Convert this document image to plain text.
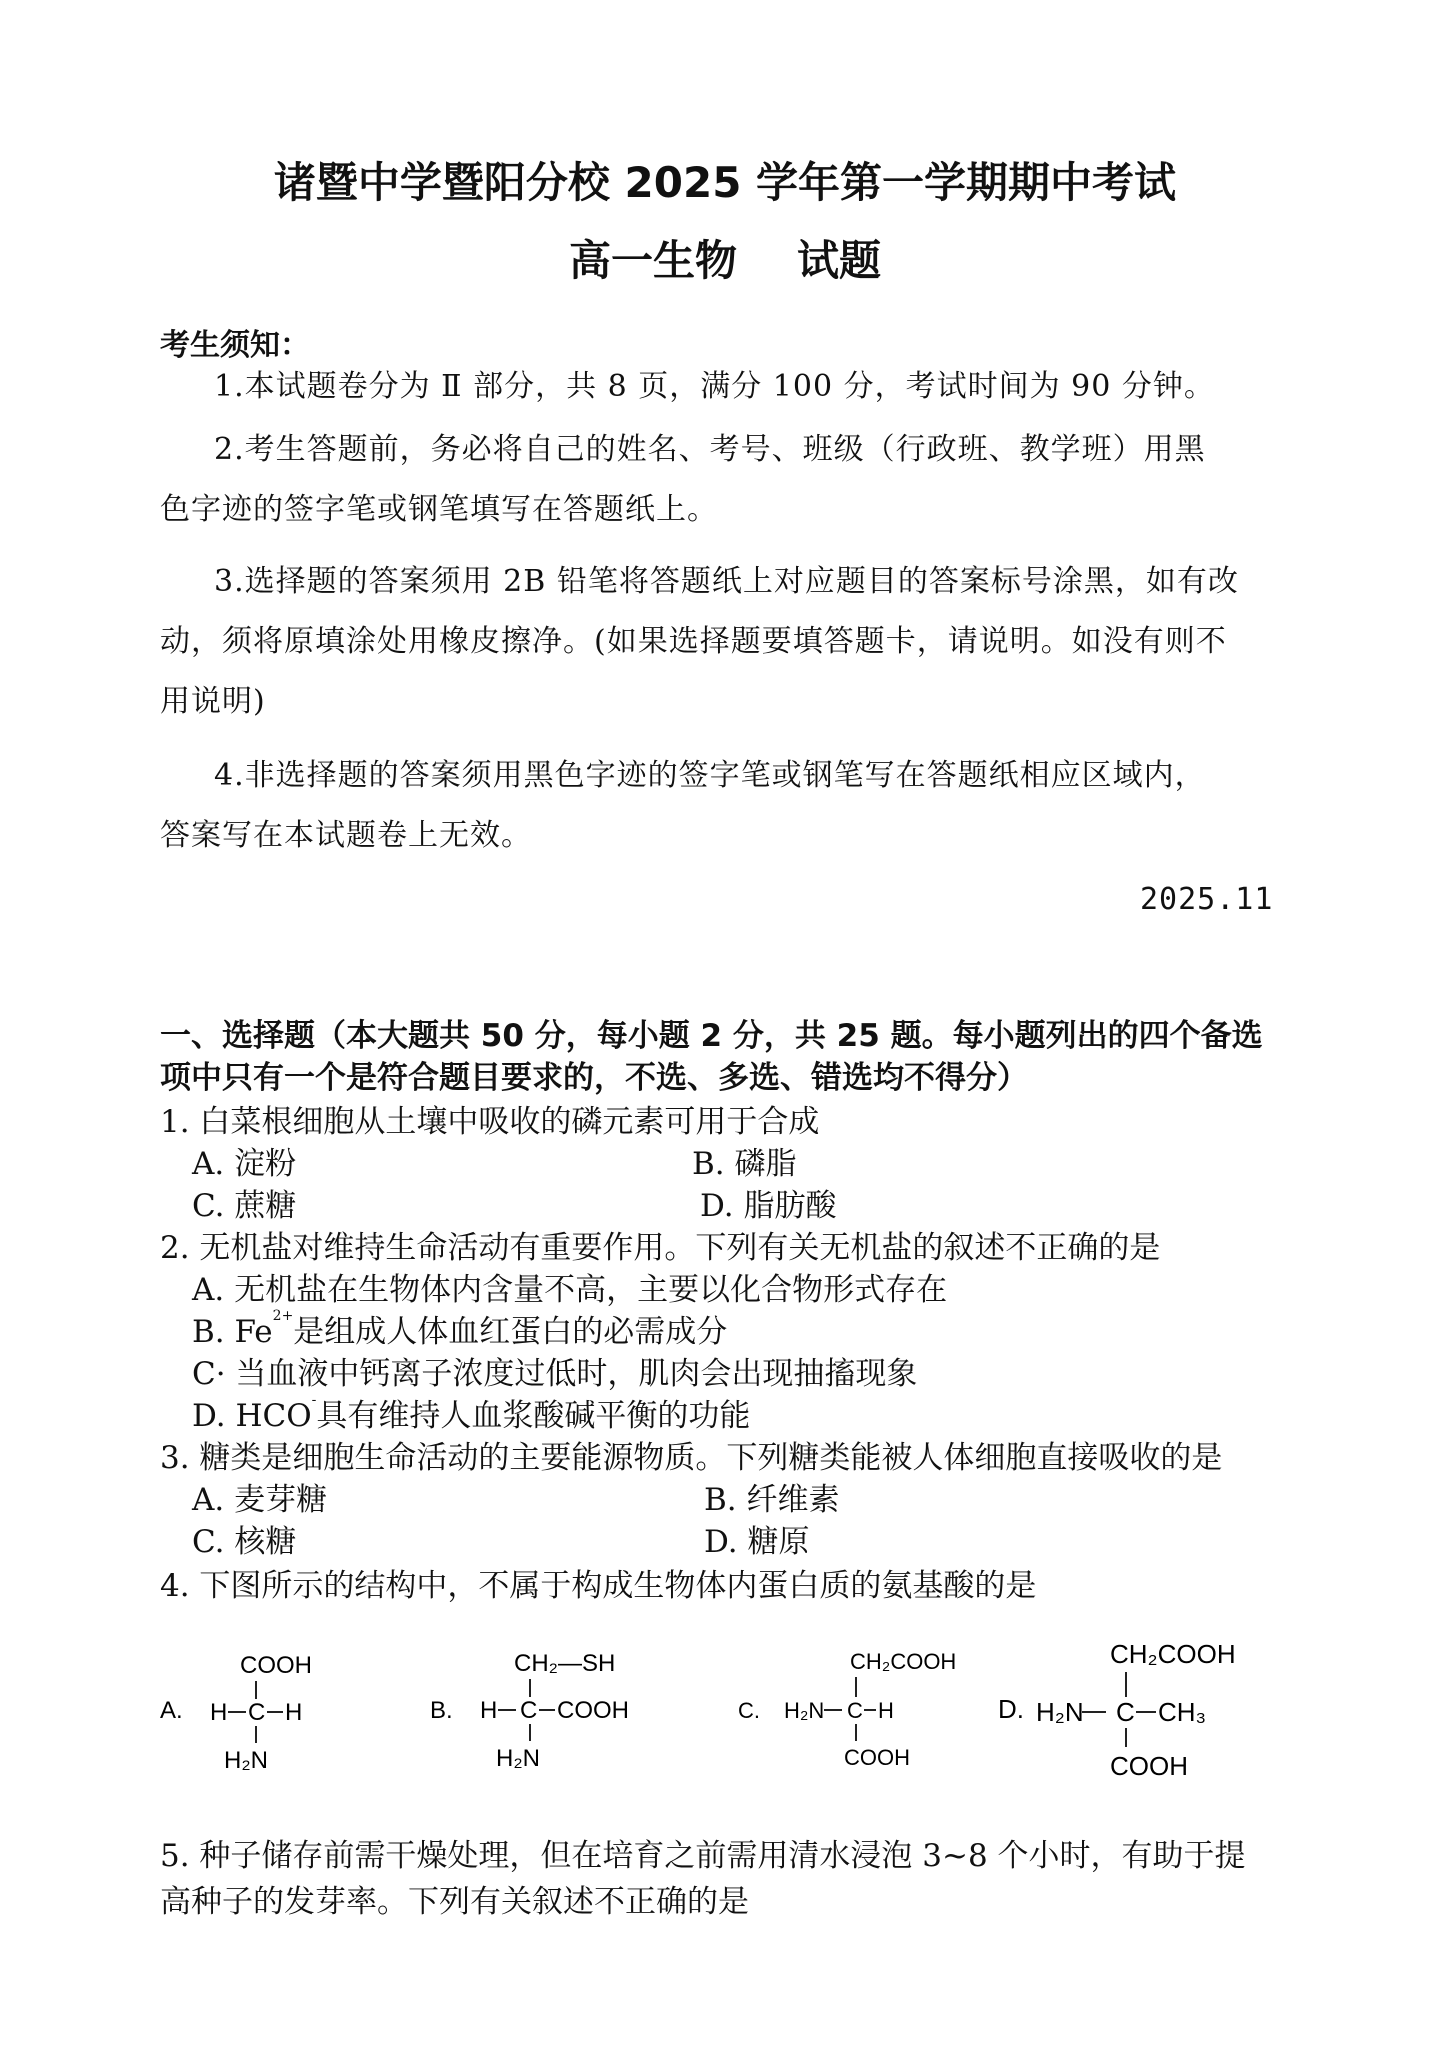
诸暨中学暨阳分校 2025 学年第一学期期中考试
高一生物 试题
考生须知：
1.本试题卷分为 Ⅱ 部分，共 8 页，满分 100 分，考试时间为 90 分钟。
2.考生答题前，务必将自己的姓名、考号、班级（行政班、教学班）用黑
色字迹的签字笔或钢笔填写在答题纸上。
3.选择题的答案须用 2B 铅笔将答题纸上对应题目的答案标号涂黑，如有改
动，须将原填涂处用橡皮擦净。(如果选择题要填答题卡，请说明。如没有则不
用说明)
4.非选择题的答案须用黑色字迹的签字笔或钢笔写在答题纸相应区域内，
答案写在本试题卷上无效。
2025.11
一、选择题（本大题共 50 分，每小题 2 分，共 25 题。每小题列出的四个备选
项中只有一个是符合题目要求的，不选、多选、错选均不得分）
1. 白菜根细胞从土壤中吸收的磷元素可用于合成
A. 淀粉	B. 磷脂
C. 蔗糖	D. 脂肪酸
2. 无机盐对维持生命活动有重要作用。下列有关无机盐的叙述不正确的是
A. 无机盐在生物体内含量不高，主要以化合物形式存在
B. $Fe^{2+}$是组成人体血红蛋白的必需成分
C· 当血液中钙离子浓度过低时，肌肉会出现抽搐现象
D. HCO-具有维持人血浆酸碱平衡的功能
3. 糖类是细胞生命活动的主要能源物质。下列糖类能被人体细胞直接吸收的是
A. 麦芽糖	B. 纤维素
C. 核糖	D. 糖原
4. 下图所示的结构中，不属于构成生物体内蛋白质的氨基酸的是
A.
COOH
H C H
H₂N
B.
CH₂—SH
H C COOH
H₂N
C.
CH₂COOH
H₂N C H
COOH
D.
CH₂COOH
H₂N C CH₃
COOH
5. 种子储存前需干燥处理，但在培育之前需用清水浸泡 3~8 个小时，有助于提
高种子的发芽率。下列有关叙述不正确的是
